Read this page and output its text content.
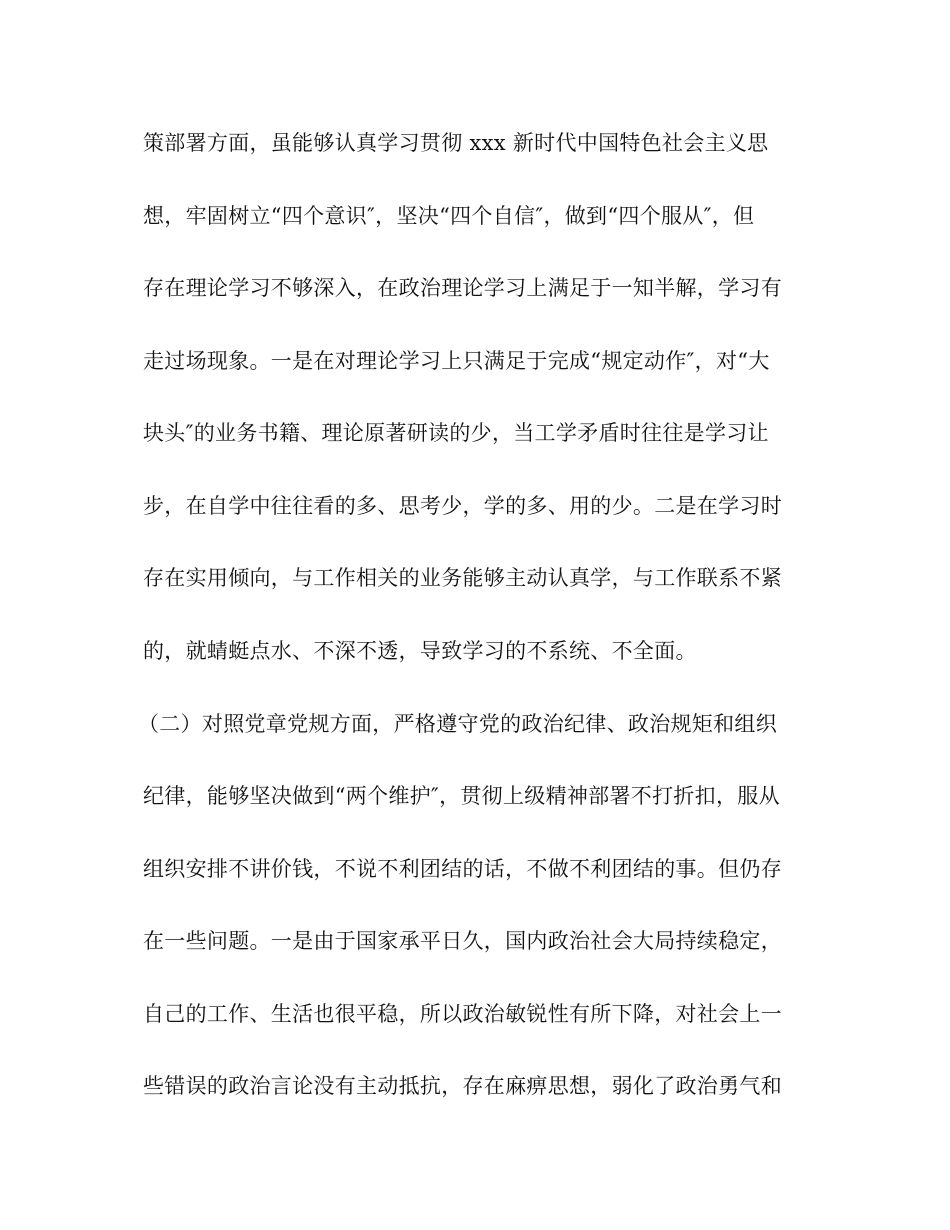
策部署方面，虽能够认真学习贯彻 xxx 新时代中国特色社会主义思

想，牢固树立“四个意识″，坚决“四个自信″，做到“四个服从″，但

存在理论学习不够深入，在政治理论学习上满足于一知半解，学习有

走过场现象。一是在对理论学习上只满足于完成“规定动作″，对“大

块头″的业务书籍、理论原著研读的少，当工学矛盾时往往是学习让

步，在自学中往往看的多、思考少，学的多、用的少。二是在学习时

存在实用倾向，与工作相关的业务能够主动认真学，与工作联系不紧

的，就蜻蜓点水、不深不透，导致学习的不系统、不全面。

（二）对照党章党规方面，严格遵守党的政治纪律、政治规矩和组织

纪律，能够坚决做到“两个维护″，贯彻上级精神部署不打折扣，服从

组织安排不讲价钱，不说不利团结的话，不做不利团结的事。但仍存

在一些问题。一是由于国家承平日久，国内政治社会大局持续稳定，

自己的工作、生活也很平稳，所以政治敏锐性有所下降，对社会上一

些错误的政治言论没有主动抵抗，存在麻痹思想，弱化了政治勇气和
